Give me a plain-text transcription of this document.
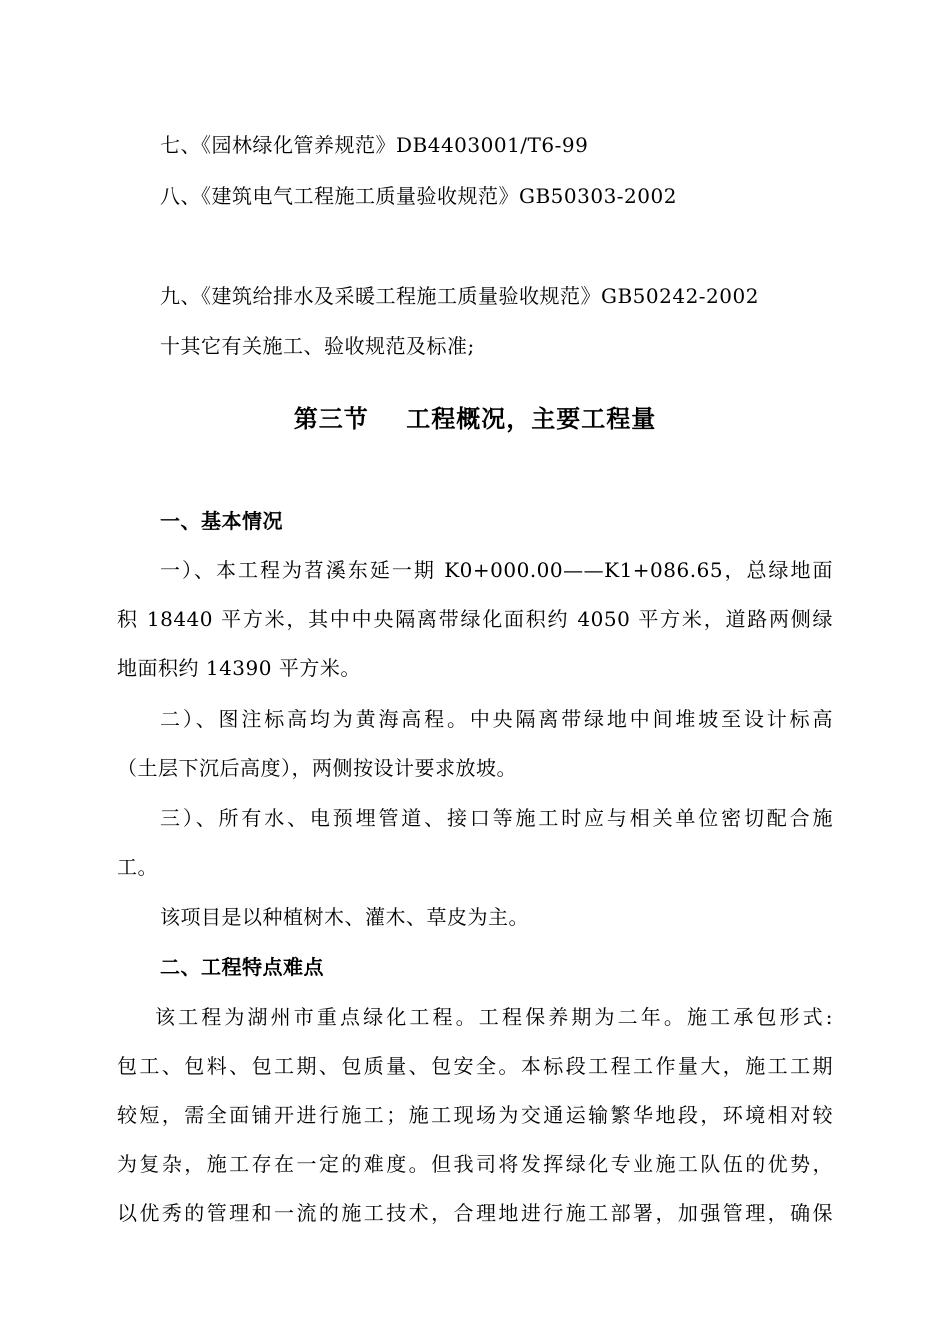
七、《园林绿化管养规范》DB4403001/T6-99
八、《建筑电气工程施工质量验收规范》GB50303-2002
九、《建筑给排水及采暖工程施工质量验收规范》GB50242-2002
十其它有关施工、验收规范及标准;
第三节    工程概况，主要工程量
一、基本情况
一）、本工程为苕溪东延一期 K0+000.00——K1+086.65，总绿地面
积 18440 平方米，其中中央隔离带绿化面积约 4050 平方米，道路两侧绿
地面积约 14390 平方米。
二）、图注标高均为黄海高程。中央隔离带绿地中间堆坡至设计标高
（土层下沉后高度），两侧按设计要求放坡。
三）、所有水、电预埋管道、接口等施工时应与相关单位密切配合施
工。
该项目是以种植树木、灌木、草皮为主。
二、工程特点难点
该工程为湖州市重点绿化工程。工程保养期为二年。施工承包形式:
包工、包料、包工期、包质量、包安全。本标段工程工作量大，施工工期
较短，需全面铺开进行施工；施工现场为交通运输繁华地段，环境相对较
为复杂，施工存在一定的难度。但我司将发挥绿化专业施工队伍的优势，
以优秀的管理和一流的施工技术，合理地进行施工部署，加强管理，确保
